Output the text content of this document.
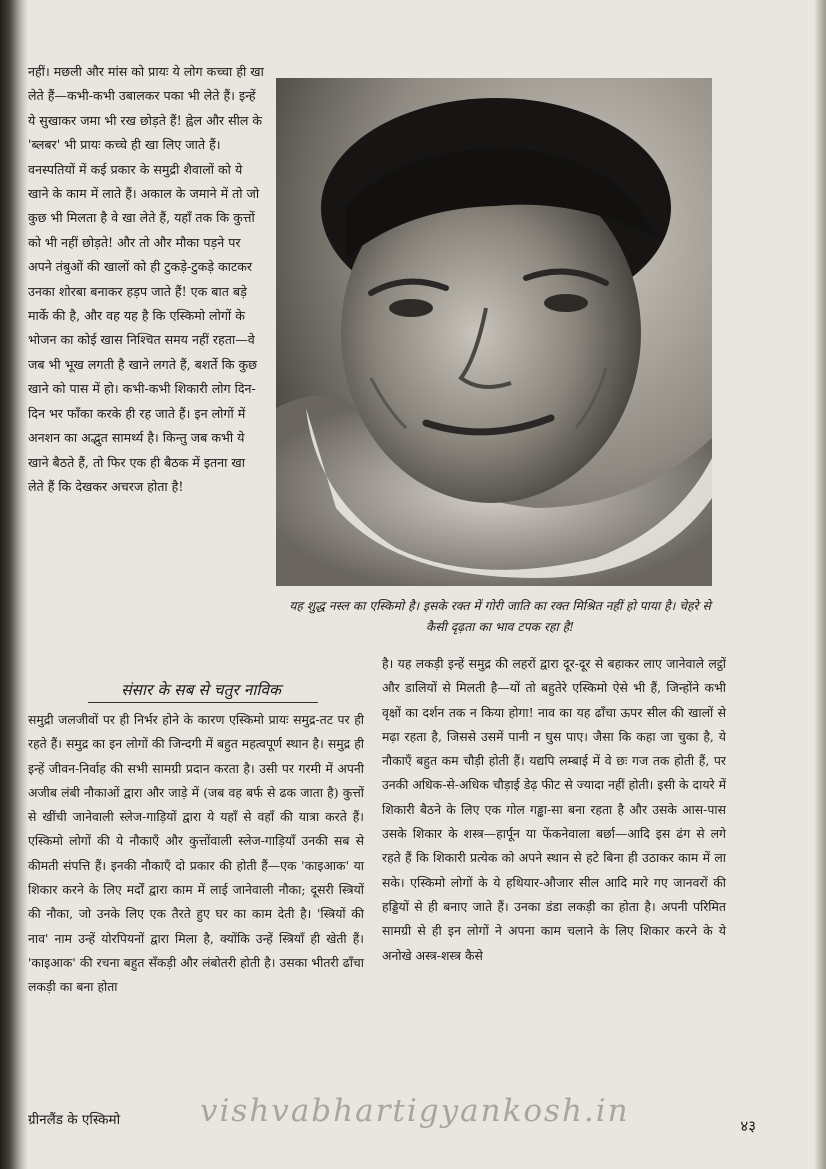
नहीं। मछली और मांस को प्रायः ये लोग कच्चा ही खा लेते हैं—कभी-कभी उबालकर पका भी लेते हैं। इन्हें ये सुखाकर जमा भी रख छोड़ते हैं! ह्वेल और सील के 'ब्लबर' भी प्रायः कच्चे ही खा लिए जाते हैं। वनस्पतियों में कई प्रकार के समुद्री शैवालों को ये खाने के काम में लाते हैं। अकाल के जमाने में तो जो कुछ भी मिलता है वे खा लेते हैं, यहाँ तक कि कुत्तों को भी नहीं छोड़ते! और तो और मौका पड़ने पर अपने तंबुओं की खालों को ही टुकड़े-टुकड़े काटकर उनका शोरबा बनाकर हड़प जाते हैं! एक बात बड़े मार्के की है, और वह यह है कि एस्किमो लोगों के भोजन का कोई खास निश्चित समय नहीं रहता—वे जब भी भूख लगती है खाने लगते हैं, बशर्ते कि कुछ खाने को पास में हो। कभी-कभी शिकारी लोग दिन-दिन भर फाँका करके ही रह जाते हैं। इन लोगों में अनशन का अद्भुत सामर्थ्य है। किन्तु जब कभी ये खाने बैठते हैं, तो फिर एक ही बैठक में इतना खा लेते हैं कि देखकर अचरज होता है!

यह शुद्ध नस्ल का एस्किमो है। इसके रक्त में गोरी जाति का रक्त मिश्रित नहीं हो पाया है। चेहरे से कैसी दृढ़ता का भाव टपक रहा है!
संसार के सब से चतुर नाविक

समुद्री जलजीवों पर ही निर्भर होने के कारण एस्किमो प्रायः समुद्र-तट पर ही रहते हैं। समुद्र का इन लोगों की जिन्दगी में बहुत महत्वपूर्ण स्थान है। समुद्र ही इन्हें जीवन-निर्वाह की सभी सामग्री प्रदान करता है। उसी पर गरमी में अपनी अजीब लंबी नौकाओं द्वारा और जाड़े में (जब वह बर्फ से ढक जाता है) कुत्तों से खींची जानेवाली स्लेज-गाड़ियों द्वारा ये यहाँ से वहाँ की यात्रा करते हैं। एस्किमो लोगों की ये नौकाएँ और कुत्तोंवाली स्लेज-गाड़ियाँ उनकी सब से कीमती संपत्ति हैं। इनकी नौकाएँ दो प्रकार की होती हैं—एक 'काइआक' या शिकार करने के लिए मर्दों द्वारा काम में लाई जानेवाली नौका; दूसरी स्त्रियों की नौका, जो उनके लिए एक तैरते हुए घर का काम देती है। 'स्त्रियों की नाव' नाम उन्हें योरपियनों द्वारा मिला है, क्योंकि उन्हें स्त्रियाँ ही खेती हैं। 'काइआक' की रचना बहुत सँकड़ी और लंबोतरी होती है। उसका भीतरी ढाँचा लकड़ी का बना होता

है। यह लकड़ी इन्हें समुद्र की लहरों द्वारा दूर-दूर से बहाकर लाए जानेवाले लट्ठों और डालियों से मिलती है—यों तो बहुतेरे एस्किमो ऐसे भी हैं, जिन्होंने कभी वृक्षों का दर्शन तक न किया होगा! नाव का यह ढाँचा ऊपर सील की खालों से मढ़ा रहता है, जिससे उसमें पानी न घुस पाए। जैसा कि कहा जा चुका है, ये नौकाएँ बहुत कम चौड़ी होती हैं। यद्यपि लम्बाई में वे छः गज तक होती हैं, पर उनकी अधिक-से-अधिक चौड़ाई डेढ़ फीट से ज्यादा नहीं होती। इसी के दायरे में शिकारी बैठने के लिए एक गोल गड्ढा-सा बना रहता है और उसके आस-पास उसके शिकार के शस्त्र—हार्पून या फेंकनेवाला बर्छा—आदि इस ढंग से लगे रहते हैं कि शिकारी प्रत्येक को अपने स्थान से हटे बिना ही उठाकर काम में ला सके। एस्किमो लोगों के ये हथियार-औजार सील आदि मारे गए जानवरों की हड्डियों से ही बनाए जाते हैं। उनका डंडा लकड़ी का होता है। अपनी परिमित सामग्री से ही इन लोगों ने अपना काम चलाने के लिए शिकार करने के ये अनोखे अस्त्र-शस्त्र कैसे

ग्रीनलैंड के एस्किमो	vishvabhartigyankosh.in	४३
